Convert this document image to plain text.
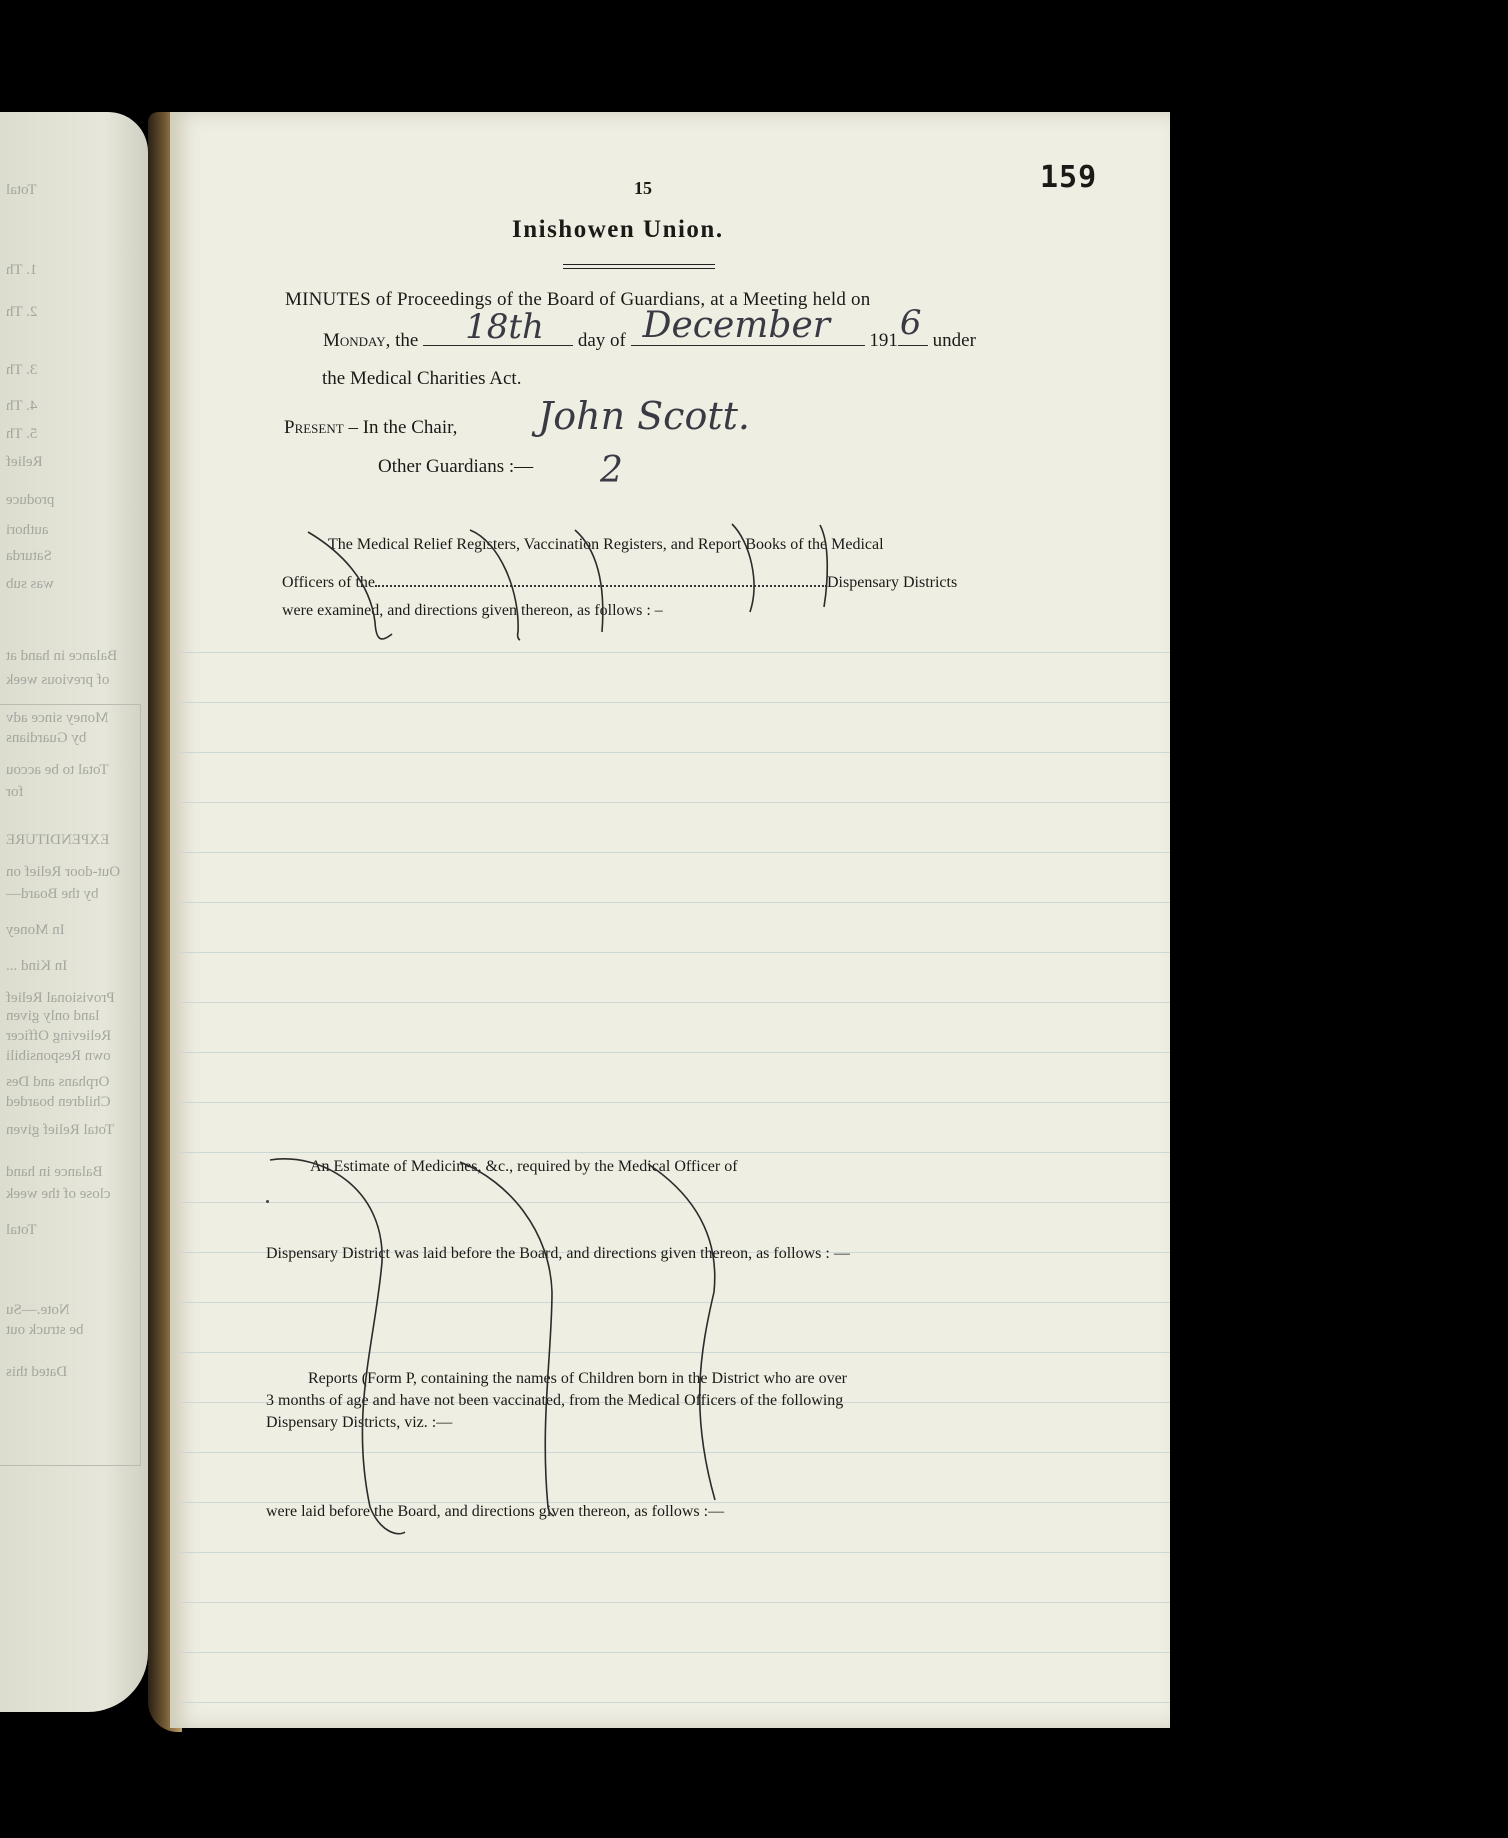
Total
1. Th
2. Th
3. Th
4. Th
5. Th
Relief
produce
authori
Saturda
was sub
Balance in hand at
of previous week
Money since adv
by Guardians
Total to be accou
for
EXPENDITURE
Out-door Relief on
by the Board—
In Money
In Kind ...
Provisional Relief
land only given
Relieving Officer
own Responsibili
Orphans and Des
Children boarded
Total Relief given
Balance in hand
close of the week
Total
Note.—Su
be struck out
Dated this
15	159
Inishowen Union.
MINUTES of Proceedings of the Board of Guardians, at a Meeting held on
Monday, the 18th day of December 191 6 under
the Medical Charities Act.
Present – In the Chair, John Scott.
Other Guardians :— 2
The Medical Relief Registers, Vaccination Registers, and Report Books of the Medical
Officers of the	Dispensary Districts
were examined, and directions given thereon, as follows : –
An Estimate of Medicines, &c., required by the Medical Officer of
Dispensary District was laid before the Board, and directions given thereon, as follows : —
Reports (Form P, containing the names of Children born in the District who are over
3 months of age and have not been vaccinated, from the Medical Officers of the following
Dispensary Districts, viz. :—
were laid before the Board, and directions given thereon, as follows :—
